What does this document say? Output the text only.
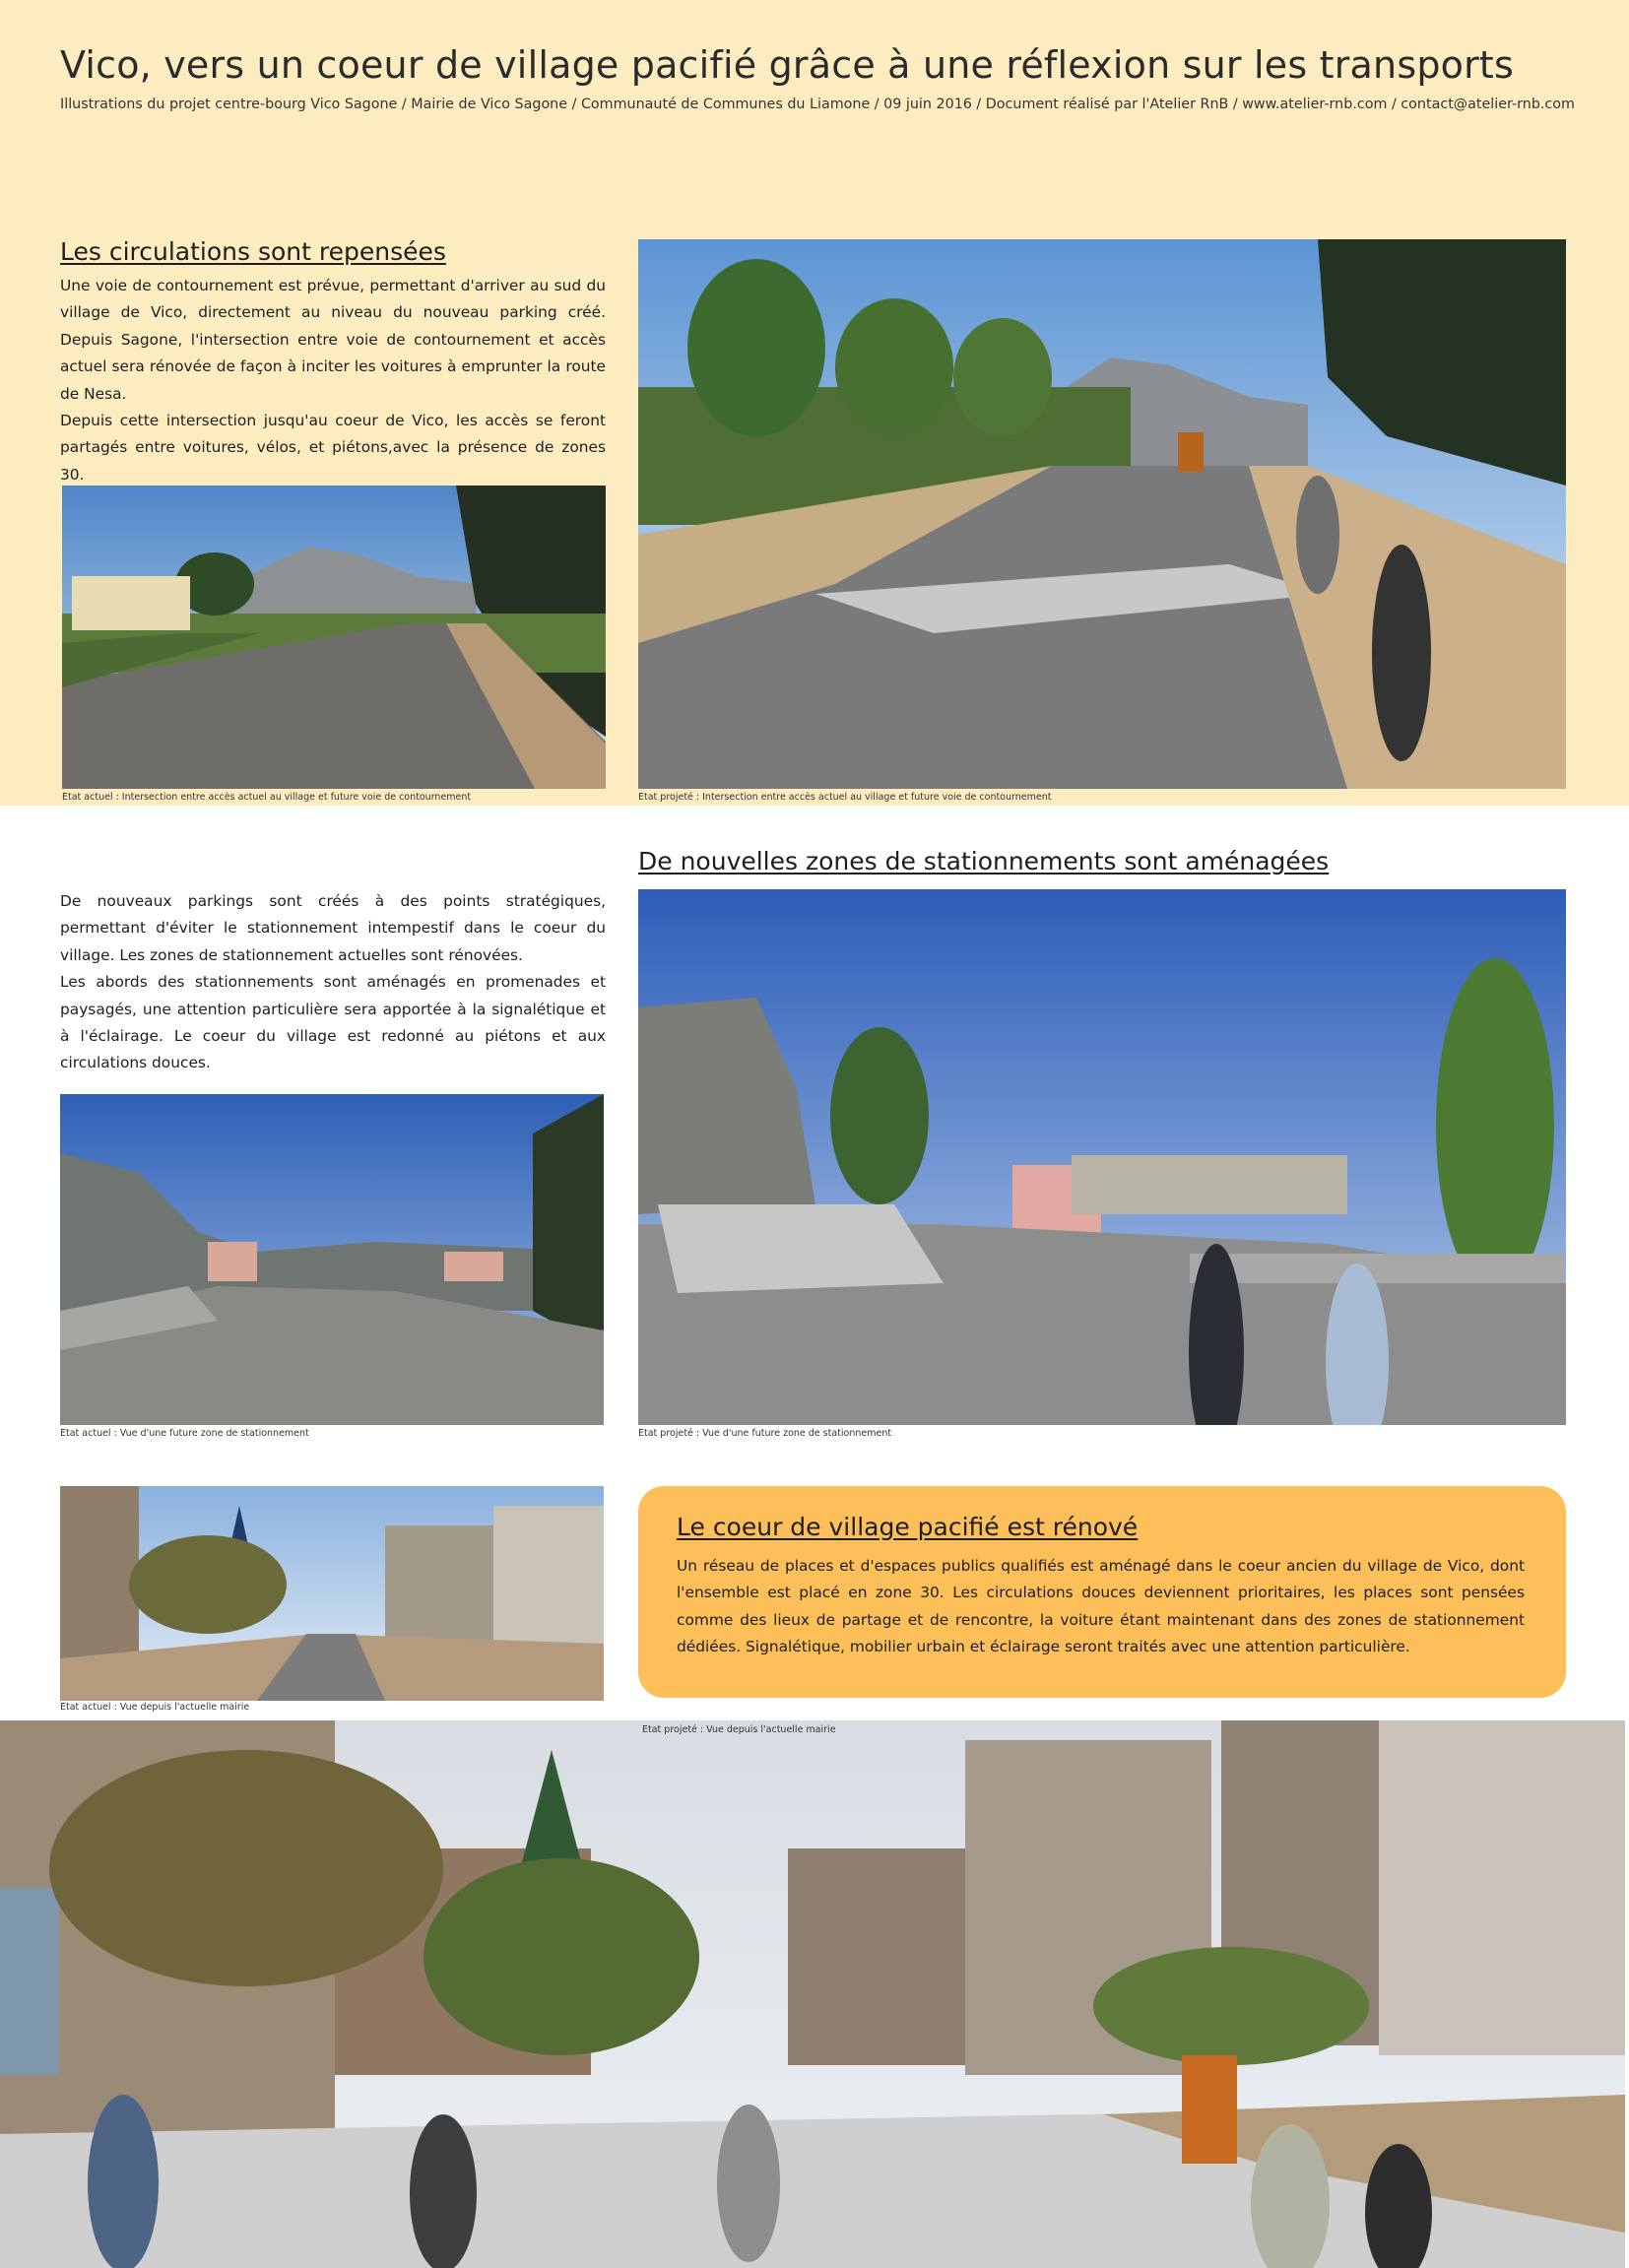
Vico, vers un coeur de village pacifié grâce à une réflexion sur les transports
Illustrations du projet centre-bourg Vico Sagone / Mairie de Vico Sagone / Communauté de Communes du Liamone / 09 juin 2016 / Document réalisé par l'Atelier RnB / www.atelier-rnb.com / contact@atelier-rnb.com
Les circulations sont repensées

Une voie de contournement est prévue, permettant d'arriver au sud du village de Vico, directement au niveau du nouveau parking créé. Depuis Sagone, l'intersection entre voie de contournement et accès actuel sera rénovée de façon à inciter les voitures à emprunter la route de Nesa.

Depuis cette intersection jusqu'au coeur de Vico, les accès se feront partagés entre voitures, vélos, et piétons,avec la présence de zones 30.

Etat actuel : Intersection entre accès actuel au village et future voie de contournement	Etat projeté : Intersection entre accès actuel au village et future voie de contournement
De nouvelles zones de stationnements sont aménagées

De nouveaux parkings sont créés à des points stratégiques, permettant d'éviter le stationnement intempestif dans le coeur du village. Les zones de stationnement actuelles sont rénovées.

Les abords des stationnements sont aménagés en promenades et paysagés, une attention particulière sera apportée à la signalétique et à l'éclairage. Le coeur du village est redonné au piétons et aux circulations douces.

Etat actuel : Vue d'une future zone de stationnement	Etat projeté : Vue d'une future zone de stationnement
Etat actuel : Vue depuis l'actuelle mairie
Le coeur de village pacifié est rénové
Un réseau de places et d'espaces publics qualifiés est aménagé dans le coeur ancien du village de Vico, dont l'ensemble est placé en zone 30. Les circulations douces deviennent prioritaires, les places sont pensées comme des lieux de partage et de rencontre, la voiture étant maintenant dans des zones de stationnement dédiées. Signalétique, mobilier urbain et éclairage seront traités avec une attention particulière.
Etat projeté : Vue depuis l'actuelle mairie
